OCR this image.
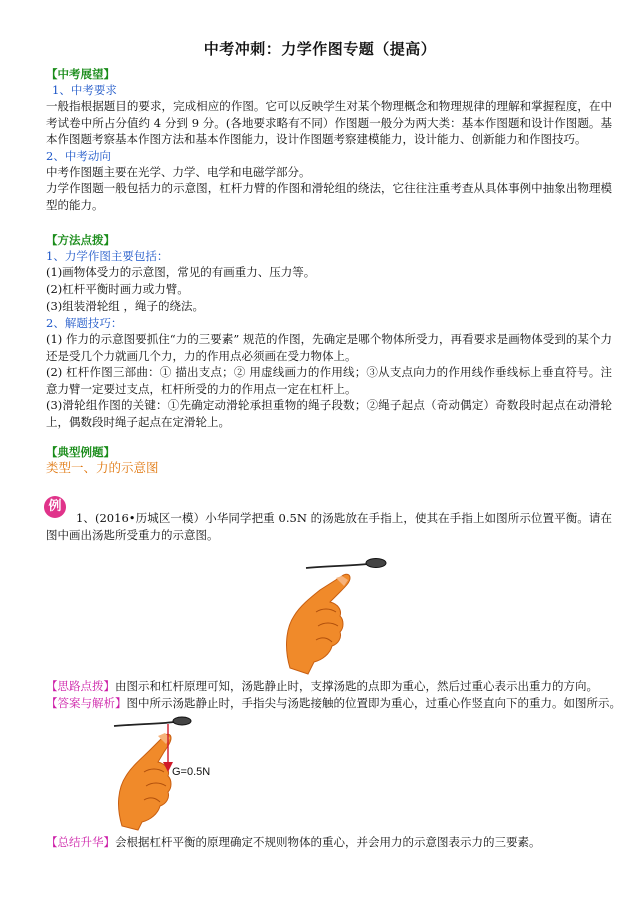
中考冲刺：力学作图专题（提高）
【中考展望】
1、中考要求
一般指根据题目的要求，完成相应的作图。它可以反映学生对某个物理概念和物理规律的理解和掌握程度，在中考试卷中所占分值约 4 分到 9 分。(各地要求略有不同）作图题一般分为两大类：基本作图题和设计作图题。基本作图题考察基本作图方法和基本作图能力，设计作图题考察建模能力，设计能力、创新能力和作图技巧。
2、中考动向
中考作图题主要在光学、力学、电学和电磁学部分。
力学作图题一般包括力的示意图，杠杆力臂的作图和滑轮组的绕法，它往往注重考查从具体事例中抽象出物理模型的能力。
【方法点拨】
1、力学作图主要包括：
(1)画物体受力的示意图，常见的有画重力、压力等。
(2)杠杆平衡时画力或力臂。
(3)组装滑轮组 ，绳子的绕法。
2、解题技巧：
(1) 作力的示意图要抓住“力的三要素” 规范的作图，先确定是哪个物体所受力，再看要求是画物体受到的某个力还是受几个力就画几个力，力的作用点必须画在受力物体上。
(2) 杠杆作图三部曲：① 描出支点；② 用虚线画力的作用线；③从支点向力的作用线作垂线标上垂直符号。注意力臂一定要过支点，杠杆所受的力的作用点一定在杠杆上。
(3)滑轮组作图的关键：①先确定动滑轮承担重物的绳子段数；②绳子起点（奇动偶定）奇数段时起点在动滑轮上，偶数段时绳子起点在定滑轮上。
【典型例题】
类型一、力的示意图
例
1、(2016•历城区一模）小华同学把重 0.5N 的汤匙放在手指上，使其在手指上如图所示位置平衡。请在图中画出汤匙所受重力的示意图。
【思路点拨】由图示和杠杆原理可知，汤匙静止时，支撑汤匙的点即为重心，然后过重心表示出重力的方向。
【答案与解析】图中所示汤匙静止时，手指尖与汤匙接触的位置即为重心，过重心作竖直向下的重力。如图所示。
G=0.5N
【总结升华】会根据杠杆平衡的原理确定不规则物体的重心，并会用力的示意图表示力的三要素。
